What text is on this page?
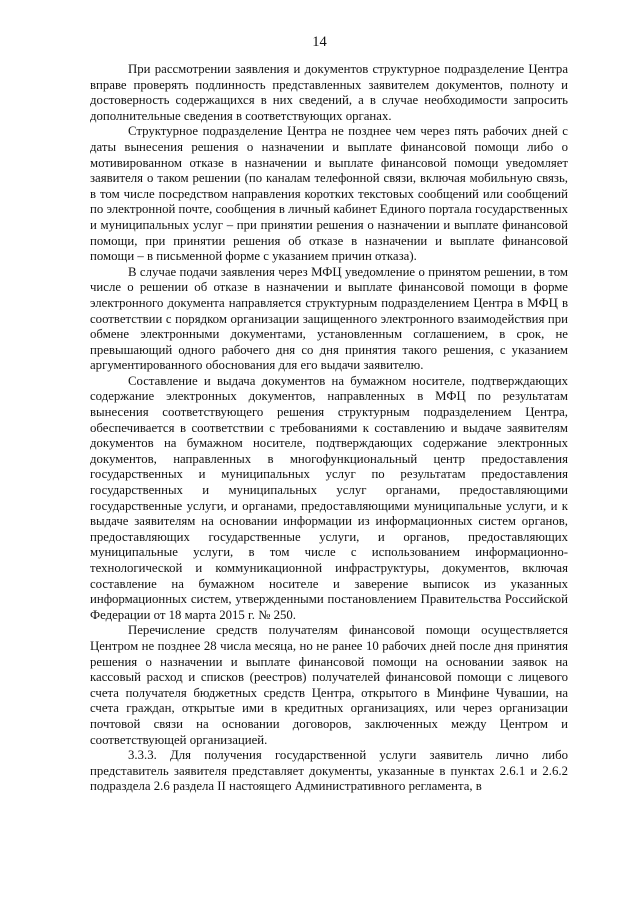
14

При рассмотрении заявления и документов структурное подразделение Центра вправе проверять подлинность представленных заявителем документов, полноту и достоверность содержащихся в них сведений, а в случае необходимости запросить дополнительные сведения в соответствующих органах.

Структурное подразделение Центра не позднее чем через пять рабочих дней с даты вынесения решения о назначении и выплате финансовой помощи либо о мотивированном отказе в назначении и выплате финансовой помощи уведомляет заявителя о таком решении (по каналам телефонной связи, включая мобильную связь, в том числе посредством направления коротких текстовых сообщений или сообщений по электронной почте, сообщения в личный кабинет Единого портала государственных и муниципальных услуг – при принятии решения о назначении и выплате финансовой помощи, при принятии решения об отказе в назначении и выплате финансовой помощи – в письменной форме с указанием причин отказа).

В случае подачи заявления через МФЦ уведомление о принятом решении, в том числе о решении об отказе в назначении и выплате финансовой помощи в форме электронного документа направляется структурным подразделением Центра в МФЦ в соответствии с порядком организации защищенного электронного взаимодействия при обмене электронными документами, установленным соглашением, в срок, не превышающий одного рабочего дня со дня принятия такого решения, с указанием аргументированного обоснования для его выдачи заявителю.

Составление и выдача документов на бумажном носителе, подтверждающих содержание электронных документов, направленных в МФЦ по результатам вынесения соответствующего решения структурным подразделением Центра, обеспечивается в соответствии с требованиями к составлению и выдаче заявителям документов на бумажном носителе, подтверждающих содержание электронных документов, направленных в многофункциональный центр предоставления государственных и муниципальных услуг по результатам предоставления государственных и муниципальных услуг органами, предоставляющими государственные услуги, и органами, предоставляющими муниципальные услуги, и к выдаче заявителям на основании информации из информационных систем органов, предоставляющих государственные услуги, и органов, предоставляющих муниципальные услуги, в том числе с использованием информационно-технологической и коммуникационной инфраструктуры, документов, включая составление на бумажном носителе и заверение выписок из указанных информационных систем, утвержденными постановлением Правительства Российской Федерации от 18 марта 2015 г. № 250.

Перечисление средств получателям финансовой помощи осуществляется Центром не позднее 28 числа месяца, но не ранее 10 рабочих дней после дня принятия решения о назначении и выплате финансовой помощи на основании заявок на кассовый расход и списков (реестров) получателей финансовой помощи с лицевого счета получателя бюджетных средств Центра, открытого в Минфине Чувашии, на счета граждан, открытые ими в кредитных организациях, или через организации почтовой связи на основании договоров, заключенных между Центром и соответствующей организацией.

3.3.3. Для получения государственной услуги заявитель лично либо представитель заявителя представляет документы, указанные в пунктах 2.6.1 и 2.6.2 подраздела 2.6 раздела II настоящего Административного регламента, в
